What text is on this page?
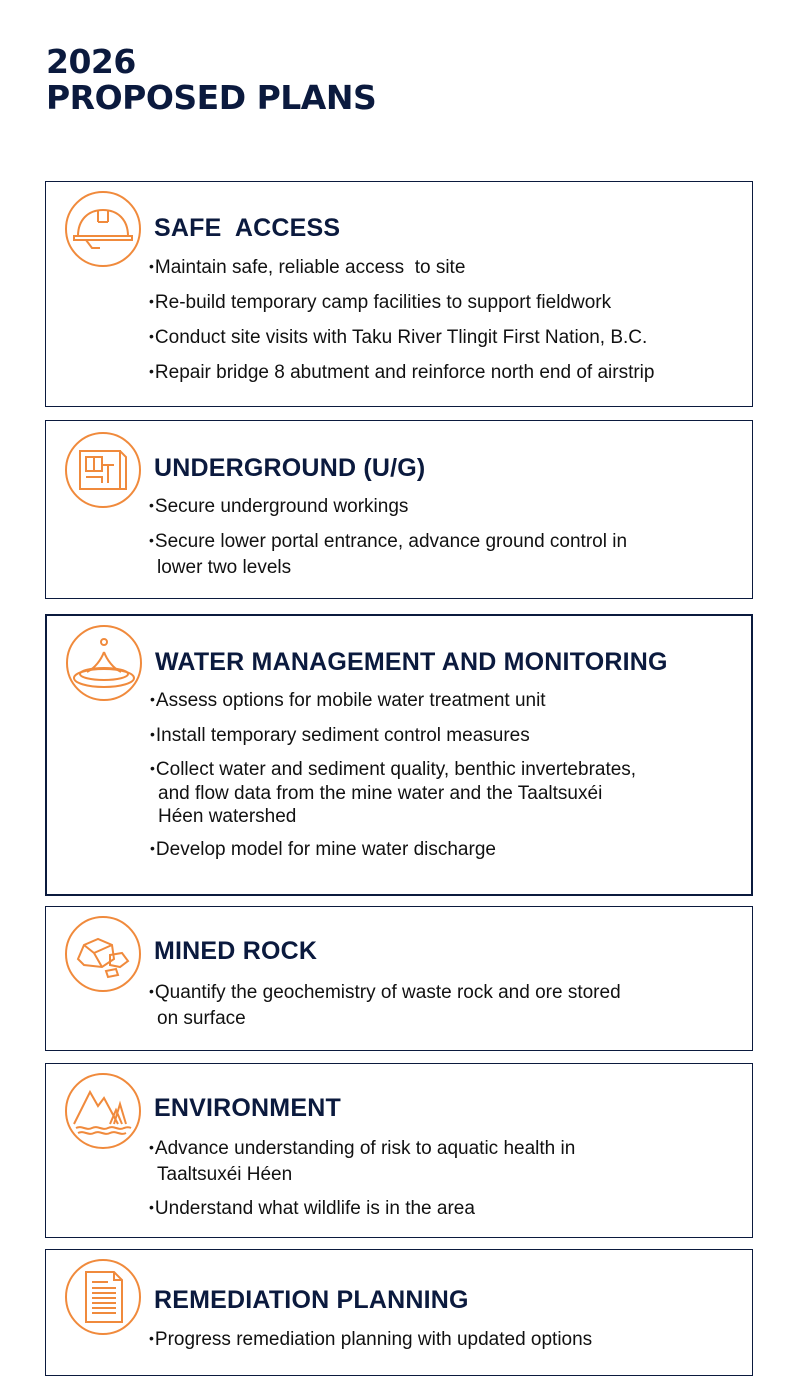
2026
PROPOSED PLANS
SAFE  ACCESS
• Maintain safe, reliable access  to site
• Re-build temporary camp facilities to support fieldwork
• Conduct site visits with Taku River Tlingit First Nation, B.C.
• Repair bridge 8 abutment and reinforce north end of airstrip
UNDERGROUND (U/G)
• Secure underground workings
• Secure lower portal entrance, advance ground control in
lower two levels
WATER MANAGEMENT AND MONITORING
• Assess options for mobile water treatment unit
• Install temporary sediment control measures
• Collect water and sediment quality, benthic invertebrates,
and flow data from the mine water and the Taaltsuxéi
Héen watershed
• Develop model for mine water discharge
MINED ROCK
• Quantify the geochemistry of waste rock and ore stored
on surface
ENVIRONMENT
• Advance understanding of risk to aquatic health in
Taaltsuxéi Héen
• Understand what wildlife is in the area
REMEDIATION PLANNING
• Progress remediation planning with updated options
